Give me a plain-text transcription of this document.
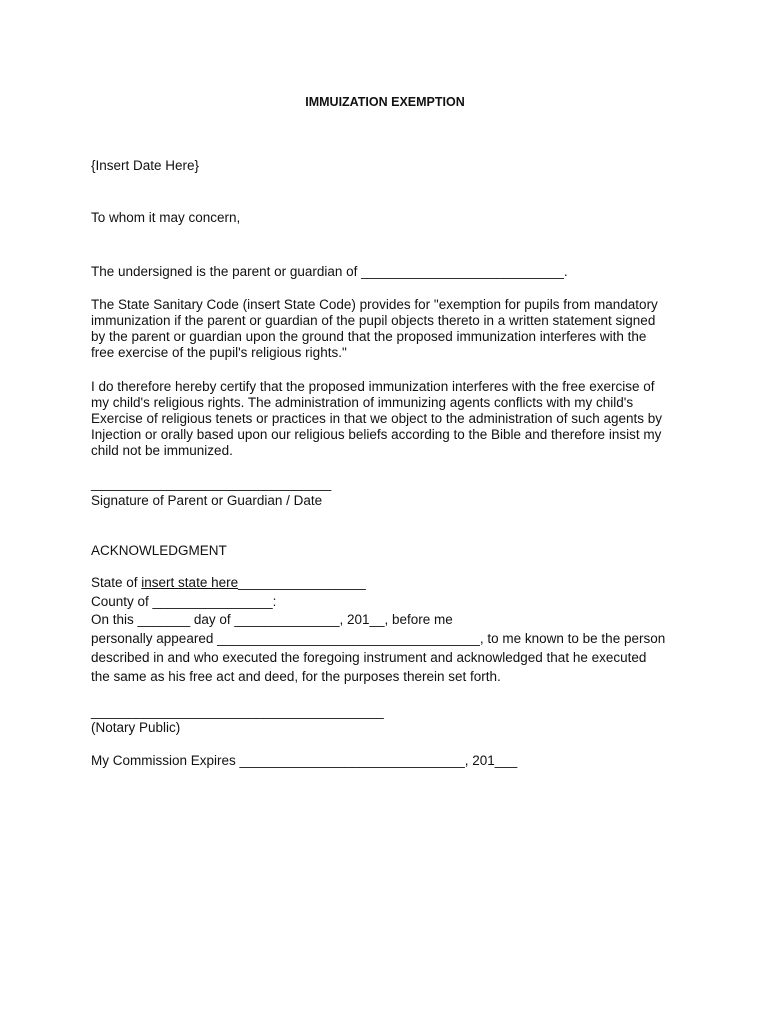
IMMUIZATION EXEMPTION
{Insert Date Here}
To whom it may concern,
The undersigned is the parent or guardian of ___________________________.
The State Sanitary Code (insert State Code) provides for "exemption for pupils from mandatory
immunization if the parent or guardian of the pupil objects thereto in a written statement signed
by the parent or guardian upon the ground that the proposed immunization interferes with the
free exercise of the pupil's religious rights."
I do therefore hereby certify that the proposed immunization interferes with the free exercise of
my child's religious rights. The administration of immunizing agents conflicts with my child's
Exercise of religious tenets or practices in that we object to the administration of such agents by
Injection or orally based upon our religious beliefs according to the Bible and therefore insist my
child not be immunized.
________________________________
Signature of Parent or Guardian / Date
ACKNOWLEDGMENT
State of insert state here_________________
County of ________________:
On this _______ day of ______________, 201__, before me
personally appeared ___________________________________, to me known to be the person
described in and who executed the foregoing instrument and acknowledged that he executed
the same as his free act and deed, for the purposes therein set forth.
_______________________________________
(Notary Public)
My Commission Expires ______________________________, 201___
